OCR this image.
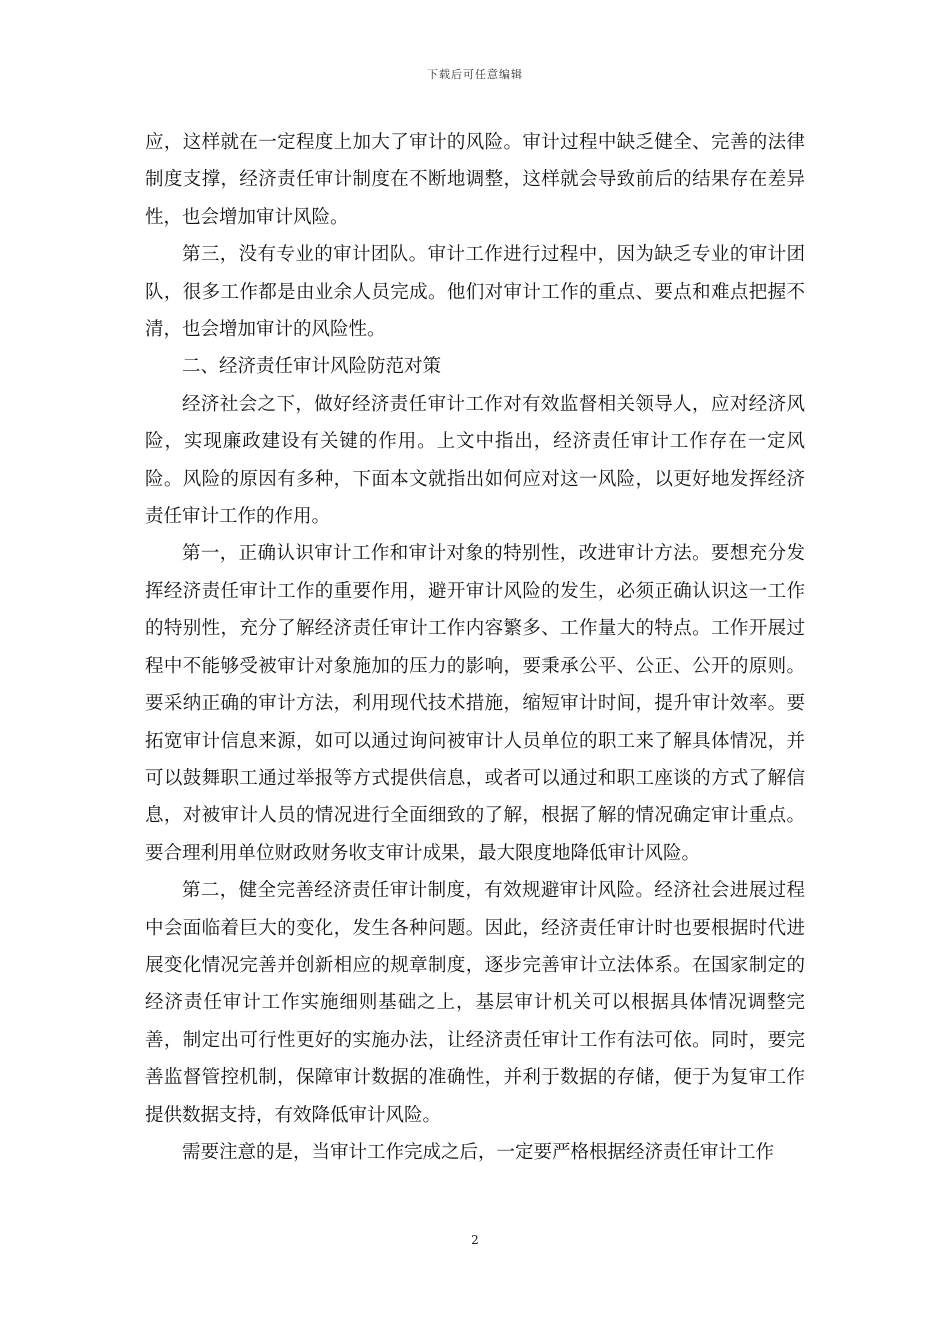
下载后可任意编辑

应，这样就在一定程度上加大了审计的风险。审计过程中缺乏健全、完善的法律制度支撑，经济责任审计制度在不断地调整，这样就会导致前后的结果存在差异性，也会增加审计风险。

第三，没有专业的审计团队。审计工作进行过程中，因为缺乏专业的审计团队，很多工作都是由业余人员完成。他们对审计工作的重点、要点和难点把握不清，也会增加审计的风险性。

二、经济责任审计风险防范对策

经济社会之下，做好经济责任审计工作对有效监督相关领导人，应对经济风险，实现廉政建设有关键的作用。上文中指出，经济责任审计工作存在一定风险。风险的原因有多种，下面本文就指出如何应对这一风险，以更好地发挥经济责任审计工作的作用。

第一，正确认识审计工作和审计对象的特别性，改进审计方法。要想充分发挥经济责任审计工作的重要作用，避开审计风险的发生，必须正确认识这一工作的特别性，充分了解经济责任审计工作内容繁多、工作量大的特点。工作开展过程中不能够受被审计对象施加的压力的影响，要秉承公平、公正、公开的原则。要采纳正确的审计方法，利用现代技术措施，缩短审计时间，提升审计效率。要拓宽审计信息来源，如可以通过询问被审计人员单位的职工来了解具体情况，并可以鼓舞职工通过举报等方式提供信息，或者可以通过和职工座谈的方式了解信息，对被审计人员的情况进行全面细致的了解，根据了解的情况确定审计重点。要合理利用单位财政财务收支审计成果，最大限度地降低审计风险。

第二，健全完善经济责任审计制度，有效规避审计风险。经济社会进展过程中会面临着巨大的变化，发生各种问题。因此，经济责任审计时也要根据时代进展变化情况完善并创新相应的规章制度，逐步完善审计立法体系。在国家制定的经济责任审计工作实施细则基础之上，基层审计机关可以根据具体情况调整完善，制定出可行性更好的实施办法，让经济责任审计工作有法可依。同时，要完善监督管控机制，保障审计数据的准确性，并利于数据的存储，便于为复审工作提供数据支持，有效降低审计风险。

需要注意的是，当审计工作完成之后，一定要严格根据经济责任审计工作

2
